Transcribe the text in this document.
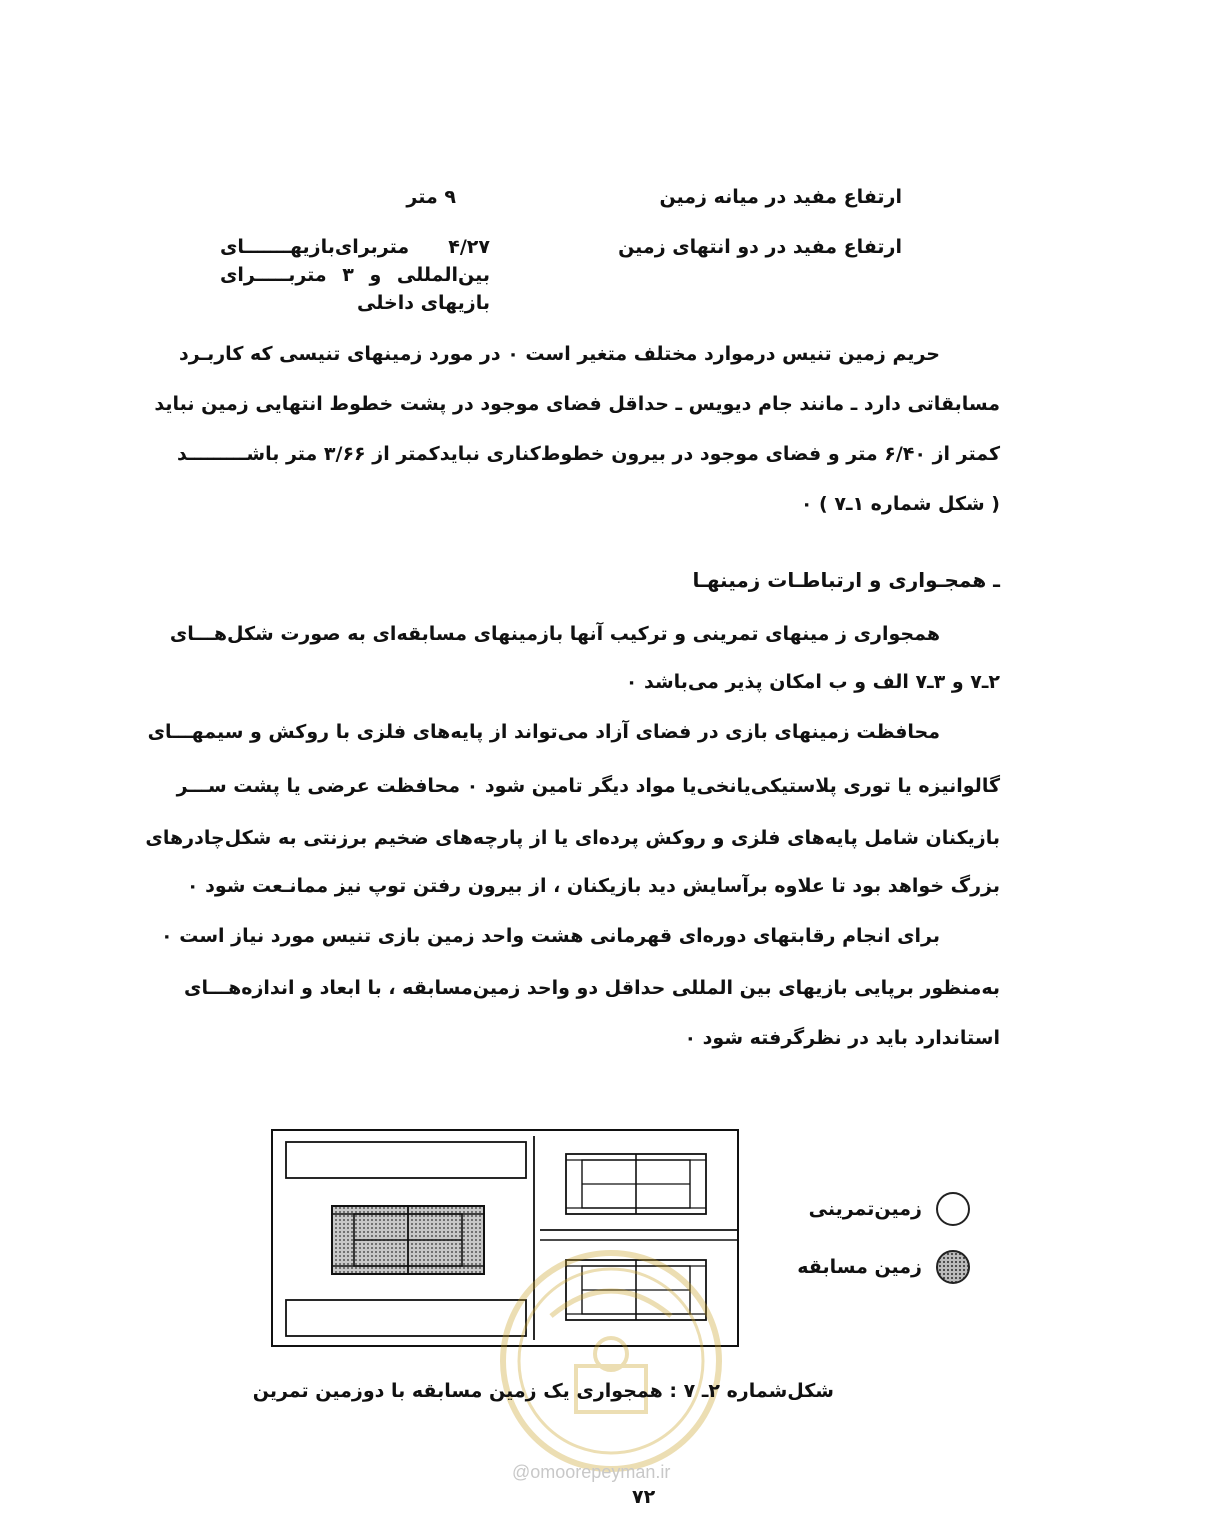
ارتفاع مفید در میانه زمین
۹ متر
ارتفاع مفید در دو انتهای زمین
۴/۲۷ متربرای‌بازیهـــــــای
بین‌المللی و ۳ متربـــــرای
بازیهای داخلی
حریم زمین تنیس درموارد مختلف متغیر است ۰ در مورد زمینهای تنیسی که کاربـرد
مسابقاتی دارد ـ مانند جام دیویس ـ حداقل فضای موجود در پشت خطوط انتهایی زمین نباید
کمتر از ۶/۴۰ متر و فضای موجود در بیرون خطوط‌کناری نبایدکمتر از ۳/۶۶ متر باشـــــــــد
( شکل شماره ۱ـ۷ ) ۰
ـ همجـواری و ارتباطـات زمینهـا
همجواری ز مینهای تمرینی و ترکیب آنها بازمینهای مسابقه‌ای به صورت شکل‌هـــای
۲ـ۷ و ۳ـ۷ الف و ب امکان پذیر می‌باشد ۰
محافظت زمینهای بازی در فضای آزاد می‌تواند از پایه‌های فلزی با روکش و سیمهـــای
گالوانیزه یا توری پلاستیکی‌یانخی‌یا مواد دیگر تامین شود ۰ محافظت عرضی یا پشت ســـر
بازیکنان شامل پایه‌های فلزی و روکش پرده‌ای یا از پارچه‌های ضخیم برزنتی به شکل‌چادرهای
بزرگ خواهد بود تا علاوه برآسایش دید بازیکنان ، از بیرون رفتن توپ نیز ممانـعت شود ۰
برای انجام رقابتهای دوره‌ای قهرمانی هشت واحد زمین بازی تنیس مورد نیاز است ۰
به‌منظور برپایی بازیهای بین المللی حداقل دو واحد زمین‌مسابقه ، با ابعاد و اندازه‌هـــای
استاندارد باید در نظرگرفته شود ۰
زمین‌تمرینی
زمین مسابقه
شکل‌شماره ۲ـ ۷ : همجواری یک زمین مسابقه با دو‌زمین تمرین
@omoorepeyman.ir
۷۲
